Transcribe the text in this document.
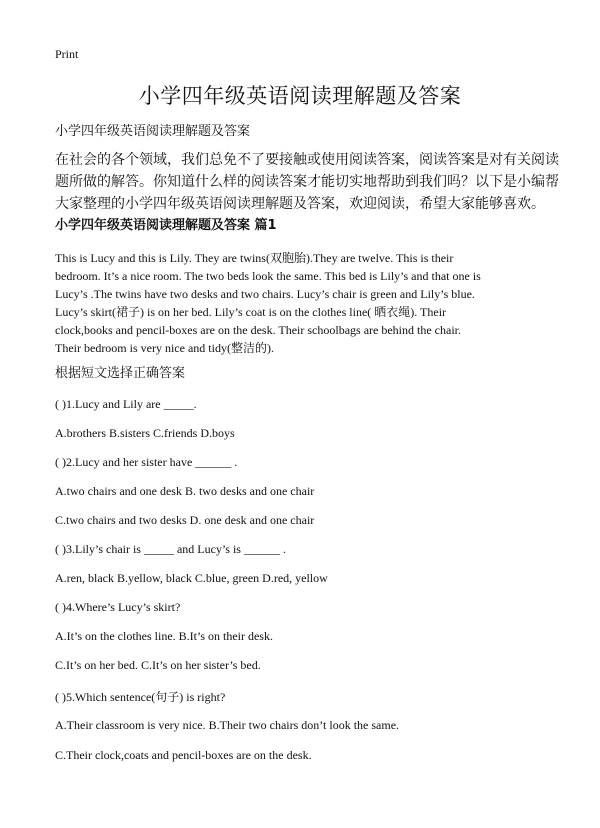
Print
小学四年级英语阅读理解题及答案
小学四年级英语阅读理解题及答案
在社会的各个领域，我们总免不了要接触或使用阅读答案，阅读答案是对有关阅读
题所做的解答。你知道什么样的阅读答案才能切实地帮助到我们吗？以下是小编帮
大家整理的小学四年级英语阅读理解题及答案，欢迎阅读，希望大家能够喜欢。
小学四年级英语阅读理解题及答案 篇1
This is Lucy and this is Lily. They are twins(双胞胎).They are twelve. This is their
bedroom. It’s a nice room. The two beds look the same. This bed is Lily’s and that one is
Lucy’s .The twins have two desks and two chairs. Lucy’s chair is green and Lily’s blue.
Lucy’s skirt(裙子) is on her bed. Lily’s coat is on the clothes line( 晒衣绳). Their
clock,books and pencil-boxes are on the desk. Their schoolbags are behind the chair.
Their bedroom is very nice and tidy(整洁的).
根据短文选择正确答案
( )1.Lucy and Lily are _____.
A.brothers B.sisters C.friends D.boys
( )2.Lucy and her sister have ______ .
A.two chairs and one desk B. two desks and one chair
C.two chairs and two desks D. one desk and one chair
( )3.Lily’s chair is _____ and Lucy’s is ______ .
A.ren, black B.yellow, black C.blue, green D.red, yellow
( )4.Where’s Lucy’s skirt?
A.It’s on the clothes line. B.It’s on their desk.
C.It’s on her bed. C.It’s on her sister’s bed.
( )5.Which sentence(句子) is right?
A.Their classroom is very nice. B.Their two chairs don’t look the same.
C.Their clock,coats and pencil-boxes are on the desk.
